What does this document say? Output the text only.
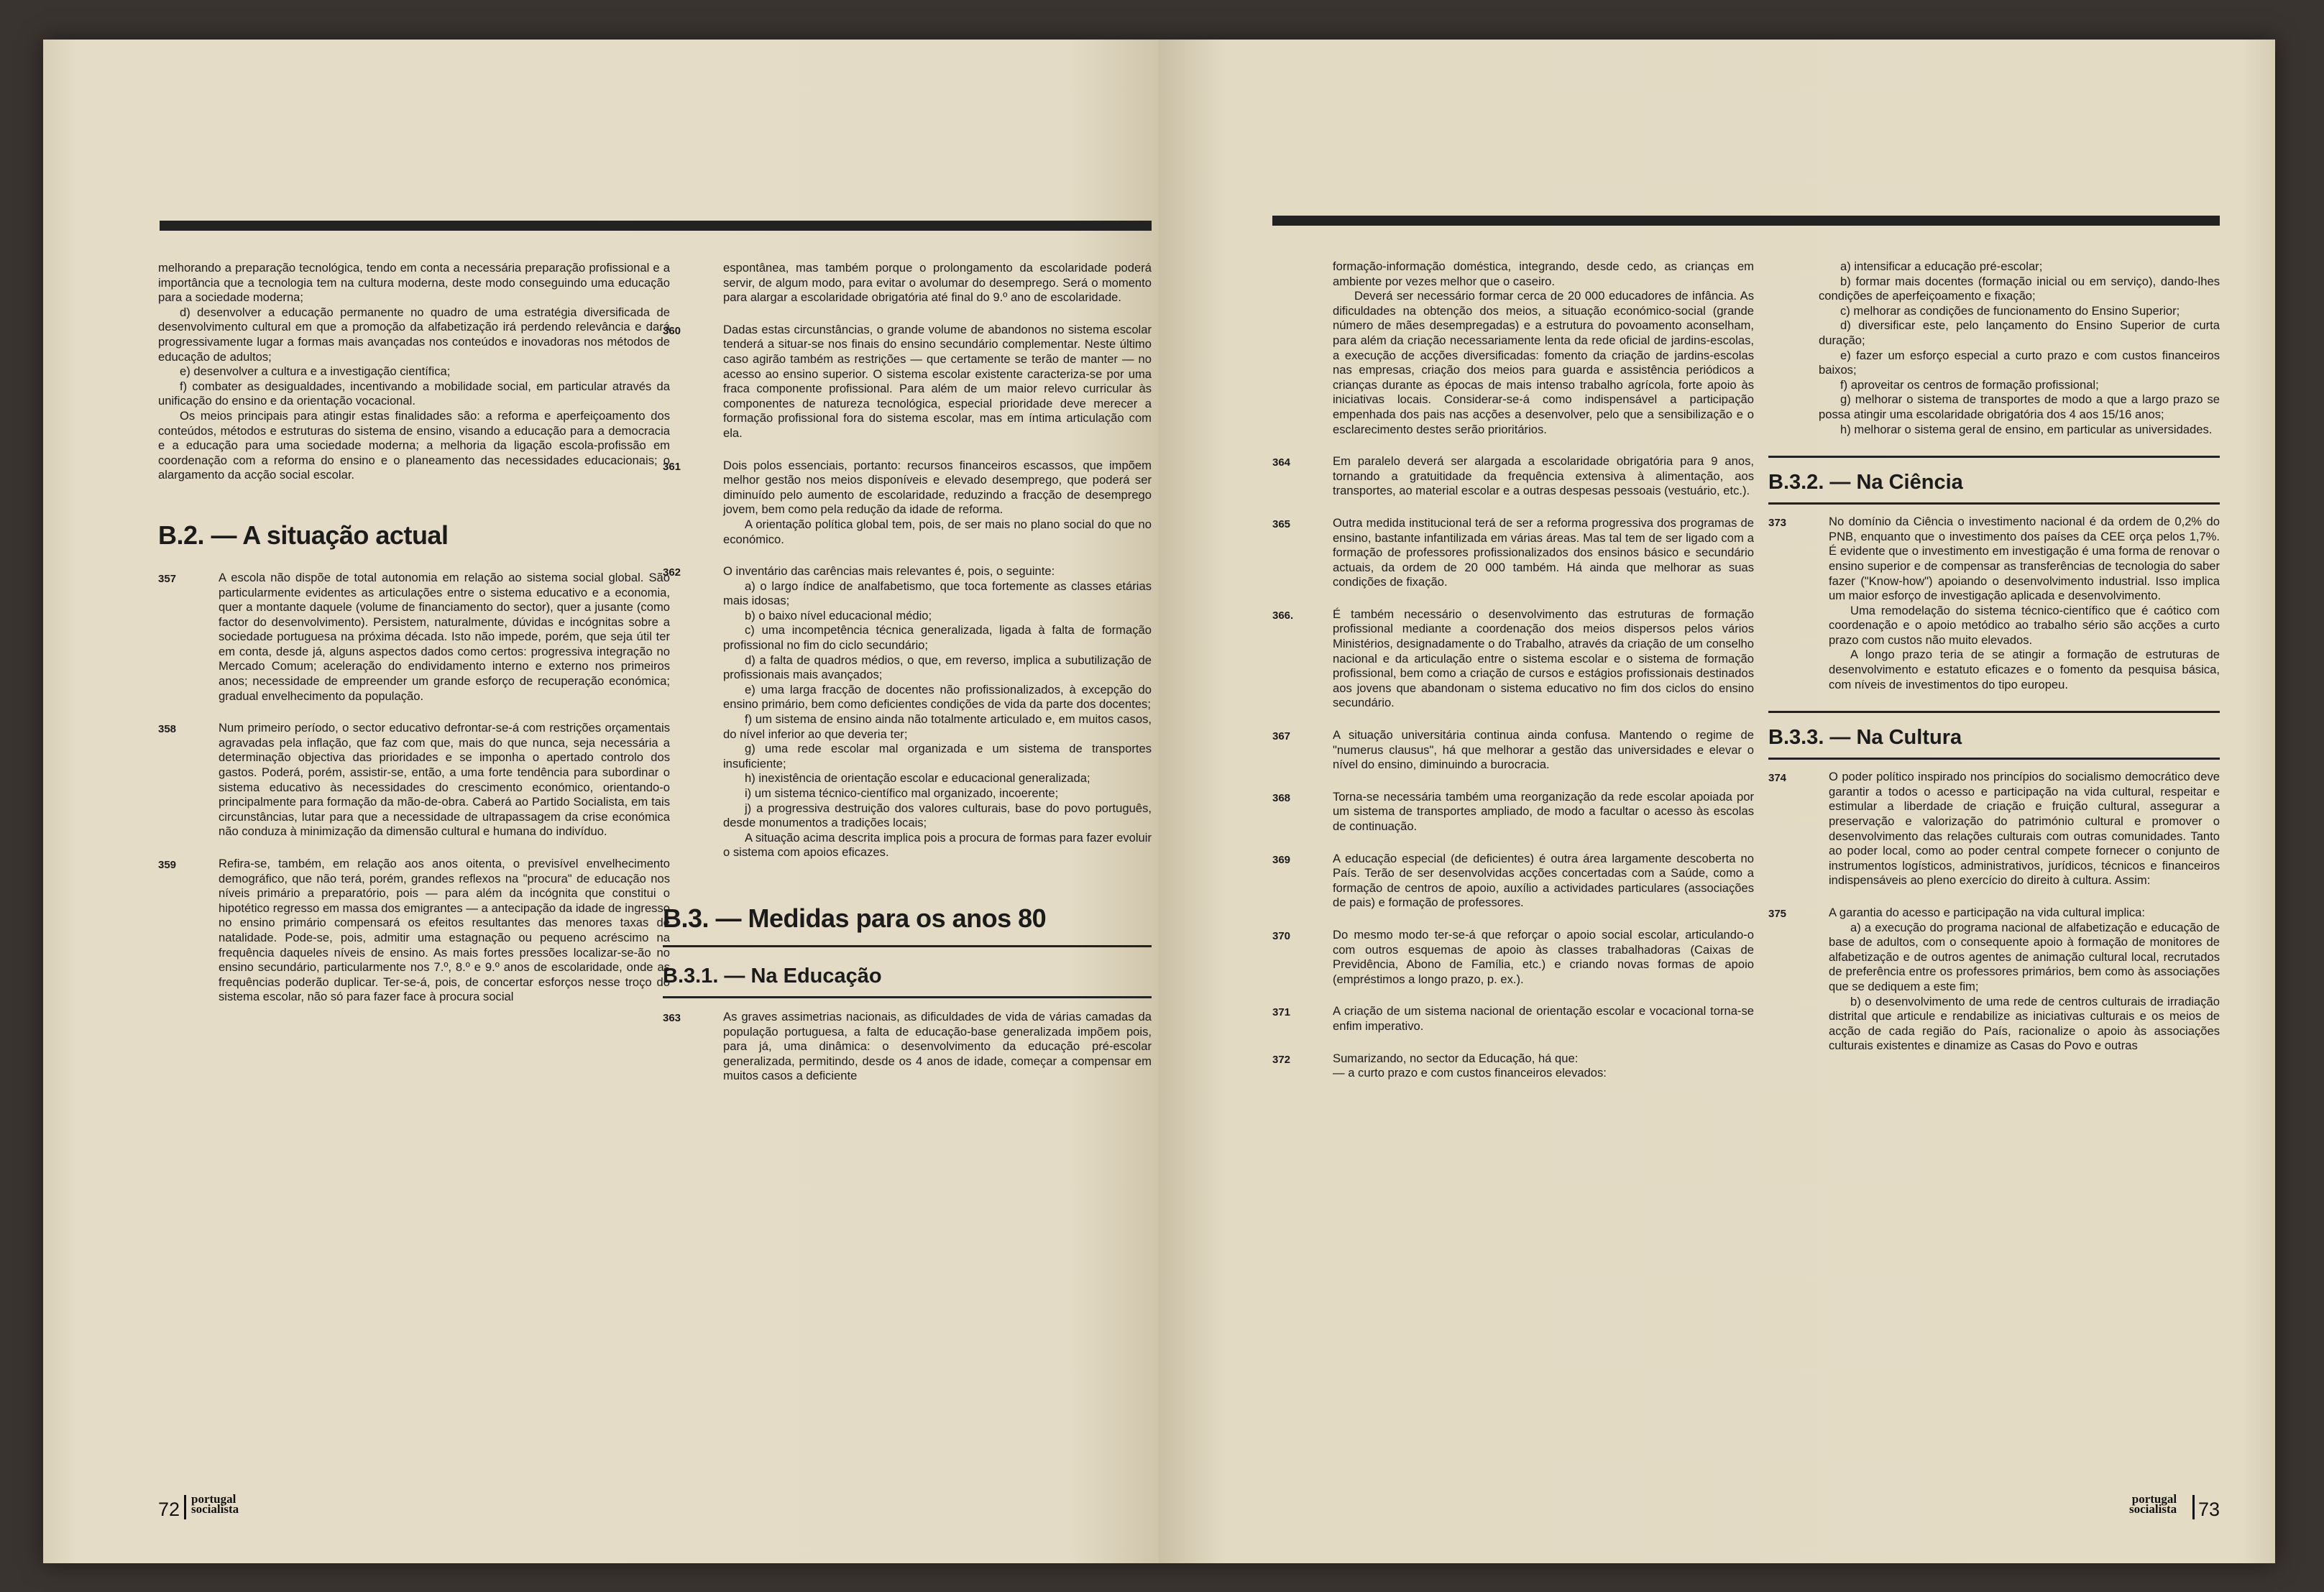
melhorando a preparação tecnológica, tendo em conta a necessária preparação profissional e a importância que a tecnologia tem na cultura moderna, deste modo conseguindo uma educação para a sociedade moderna;

d) desenvolver a educação permanente no quadro de uma estratégia diversificada de desenvolvimento cultural em que a promoção da alfabetização irá perdendo relevância e dará progressivamente lugar a formas mais avançadas nos conteúdos e inovadoras nos métodos de educação de adultos;

e) desenvolver a cultura e a investigação científica;

f) combater as desigualdades, incentivando a mobilidade social, em particular através da unificação do ensino e da orientação vocacional.

Os meios principais para atingir estas finalidades são: a reforma e aperfeiçoamento dos conteúdos, métodos e estruturas do sistema de ensino, visando a educação para a democracia e a educação para uma sociedade moderna; a melhoria da ligação escola-profissão em coordenação com a reforma do ensino e o planeamento das necessidades educacionais; o alargamento da acção social escolar.

B.2. — A situação actual
357	A escola não dispõe de total autonomia em relação ao sistema social global. São particularmente evidentes as articulações entre o sistema educativo e a economia, quer a montante daquele (volume de financiamento do sector), quer a jusante (como factor do desenvolvimento). Persistem, naturalmente, dúvidas e incógnitas sobre a sociedade portuguesa na próxima década. Isto não impede, porém, que seja útil ter em conta, desde já, alguns aspectos dados como certos: progressiva integração no Mercado Comum; aceleração do endividamento interno e externo nos primeiros anos; necessidade de empreender um grande esforço de recuperação económica; gradual envelhecimento da população.

358	Num primeiro período, o sector educativo defrontar-se-á com restrições orçamentais agravadas pela inflação, que faz com que, mais do que nunca, seja necessária a determinação objectiva das prioridades e se imponha o apertado controlo dos gastos. Poderá, porém, assistir-se, então, a uma forte tendência para subordinar o sistema educativo às necessidades do crescimento económico, orientando-o principalmente para formação da mão-de-obra. Caberá ao Partido Socialista, em tais circunstâncias, lutar para que a necessidade de ultrapassagem da crise económica não conduza à minimização da dimensão cultural e humana do indivíduo.

359	Refira-se, também, em relação aos anos oitenta, o previsível envelhecimento demográfico, que não terá, porém, grandes reflexos na "procura" de educação nos níveis primário a preparatório, pois — para além da incógnita que constitui o hipotético regresso em massa dos emigrantes — a antecipação da idade de ingresso no ensino primário compensará os efeitos resultantes das menores taxas de natalidade. Pode-se, pois, admitir uma estagnação ou pequeno acréscimo na frequência daqueles níveis de ensino. As mais fortes pressões localizar-se-ão no ensino secundário, particularmente nos 7.º, 8.º e 9.º anos de escolaridade, onde as frequências poderão duplicar. Ter-se-á, pois, de concertar esforços nesse troço do sistema escolar, não só para fazer face à procura social

espontânea, mas também porque o prolongamento da escolaridade poderá servir, de algum modo, para evitar o avolumar do desemprego. Será o momento para alargar a escolaridade obrigatória até final do 9.º ano de escolaridade.

360	Dadas estas circunstâncias, o grande volume de abandonos no sistema escolar tenderá a situar-se nos finais do ensino secundário complementar. Neste último caso agirão também as restrições — que certamente se terão de manter — no acesso ao ensino superior. O sistema escolar existente caracteriza-se por uma fraca componente profissional. Para além de um maior relevo curricular às componentes de natureza tecnológica, especial prioridade deve merecer a formação profissional fora do sistema escolar, mas em íntima articulação com ela.

361	Dois polos essenciais, portanto: recursos financeiros escassos, que impõem melhor gestão nos meios disponíveis e elevado desemprego, que poderá ser diminuído pelo aumento de escolaridade, reduzindo a fracção de desemprego jovem, bem como pela redução da idade de reforma.

A orientação política global tem, pois, de ser mais no plano social do que no económico.

362	O inventário das carências mais relevantes é, pois, o seguinte:

a) o largo índice de analfabetismo, que toca fortemente as classes etárias mais idosas;

b) o baixo nível educacional médio;

c) uma incompetência técnica generalizada, ligada à falta de formação profissional no fim do ciclo secundário;

d) a falta de quadros médios, o que, em reverso, implica a subutilização de profissionais mais avançados;

e) uma larga fracção de docentes não profissionalizados, à excepção do ensino primário, bem como deficientes condições de vida da parte dos docentes;

f) um sistema de ensino ainda não totalmente articulado e, em muitos casos, do nível inferior ao que deveria ter;

g) uma rede escolar mal organizada e um sistema de transportes insuficiente;

h) inexistência de orientação escolar e educacional generalizada;

i) um sistema técnico-científico mal organizado, incoerente;

j) a progressiva destruição dos valores culturais, base do povo português, desde monumentos a tradições locais;

A situação acima descrita implica pois a procura de formas para fazer evoluir o sistema com apoios eficazes.

B.3. — Medidas para os anos 80
B.3.1. — Na Educação
363	As graves assimetrias nacionais, as dificuldades de vida de várias camadas da população portuguesa, a falta de educação-base generalizada impõem pois, para já, uma dinâmica: o desenvolvimento da educação pré-escolar generalizada, permitindo, desde os 4 anos de idade, começar a compensar em muitos casos a deficiente

72 portugal
socialista

formação-informação doméstica, integrando, desde cedo, as crianças em ambiente por vezes melhor que o caseiro.

Deverá ser necessário formar cerca de 20 000 educadores de infância. As dificuldades na obtenção dos meios, a situação económico-social (grande número de mães desempregadas) e a estrutura do povoamento aconselham, para além da criação necessariamente lenta da rede oficial de jardins-escolas, a execução de acções diversificadas: fomento da criação de jardins-escolas nas empresas, criação dos meios para guarda e assistência periódicos a crianças durante as épocas de mais intenso trabalho agrícola, forte apoio às iniciativas locais. Considerar-se-á como indispensável a participação empenhada dos pais nas acções a desenvolver, pelo que a sensibilização e o esclarecimento destes serão prioritários.

364	Em paralelo deverá ser alargada a escolaridade obrigatória para 9 anos, tornando a gratuitidade da frequência extensiva à alimentação, aos transportes, ao material escolar e a outras despesas pessoais (vestuário, etc.).

365	Outra medida institucional terá de ser a reforma progressiva dos programas de ensino, bastante infantilizada em várias áreas. Mas tal tem de ser ligado com a formação de professores profissionalizados dos ensinos básico e secundário actuais, da ordem de 20 000 também. Há ainda que melhorar as suas condições de fixação.

366.	É também necessário o desenvolvimento das estruturas de formação profissional mediante a coordenação dos meios dispersos pelos vários Ministérios, designadamente o do Trabalho, através da criação de um conselho nacional e da articulação entre o sistema escolar e o sistema de formação profissional, bem como a criação de cursos e estágios profissionais destinados aos jovens que abandonam o sistema educativo no fim dos ciclos do ensino secundário.

367	A situação universitária continua ainda confusa. Mantendo o regime de "numerus clausus", há que melhorar a gestão das universidades e elevar o nível do ensino, diminuindo a burocracia.

368	Torna-se necessária também uma reorganização da rede escolar apoiada por um sistema de transportes ampliado, de modo a facultar o acesso às escolas de continuação.

369	A educação especial (de deficientes) é outra área largamente descoberta no País. Terão de ser desenvolvidas acções concertadas com a Saúde, como a formação de centros de apoio, auxílio a actividades particulares (associações de pais) e formação de professores.

370	Do mesmo modo ter-se-á que reforçar o apoio social escolar, articulando-o com outros esquemas de apoio às classes trabalhadoras (Caixas de Previdência, Abono de Família, etc.) e criando novas formas de apoio (empréstimos a longo prazo, p. ex.).

371	A criação de um sistema nacional de orientação escolar e vocacional torna-se enfim imperativo.

372	Sumarizando, no sector da Educação, há que:

— a curto prazo e com custos financeiros elevados:

a) intensificar a educação pré-escolar;

b) formar mais docentes (formação inicial ou em serviço), dando-lhes condições de aperfeiçoamento e fixação;

c) melhorar as condições de funcionamento do Ensino Superior;

d) diversificar este, pelo lançamento do Ensino Superior de curta duração;

e) fazer um esforço especial a curto prazo e com custos financeiros baixos;

f) aproveitar os centros de formação profissional;

g) melhorar o sistema de transportes de modo a que a largo prazo se possa atingir uma escolaridade obrigatória dos 4 aos 15/16 anos;

h) melhorar o sistema geral de ensino, em particular as universidades.

B.3.2. — Na Ciência
373	No domínio da Ciência o investimento nacional é da ordem de 0,2% do PNB, enquanto que o investimento dos países da CEE orça pelos 1,7%. É evidente que o investimento em investigação é uma forma de renovar o ensino superior e de compensar as transferências de tecnologia do saber fazer ("Know-how") apoiando o desenvolvimento industrial. Isso implica um maior esforço de investigação aplicada e desenvolvimento.

Uma remodelação do sistema técnico-científico que é caótico com coordenação e o apoio metódico ao trabalho sério são acções a curto prazo com custos não muito elevados.

A longo prazo teria de se atingir a formação de estruturas de desenvolvimento e estatuto eficazes e o fomento da pesquisa básica, com níveis de investimentos do tipo europeu.

B.3.3. — Na Cultura
374	O poder político inspirado nos princípios do socialismo democrático deve garantir a todos o acesso e participação na vida cultural, respeitar e estimular a liberdade de criação e fruição cultural, assegurar a preservação e valorização do património cultural e promover o desenvolvimento das relações culturais com outras comunidades. Tanto ao poder local, como ao poder central compete fornecer o conjunto de instrumentos logísticos, administrativos, jurídicos, técnicos e financeiros indispensáveis ao pleno exercício do direito à cultura. Assim:

375	A garantia do acesso e participação na vida cultural implica:

a) a execução do programa nacional de alfabetização e educação de base de adultos, com o consequente apoio à formação de monitores de alfabetização e de outros agentes de animação cultural local, recrutados de preferência entre os professores primários, bem como às associações que se dediquem a este fim;

b) o desenvolvimento de uma rede de centros culturais de irradiação distrital que articule e rendabilize as iniciativas culturais e os meios de acção de cada região do País, racionalize o apoio às associações culturais existentes e dinamize as Casas do Povo e outras

portugal
socialista 73
